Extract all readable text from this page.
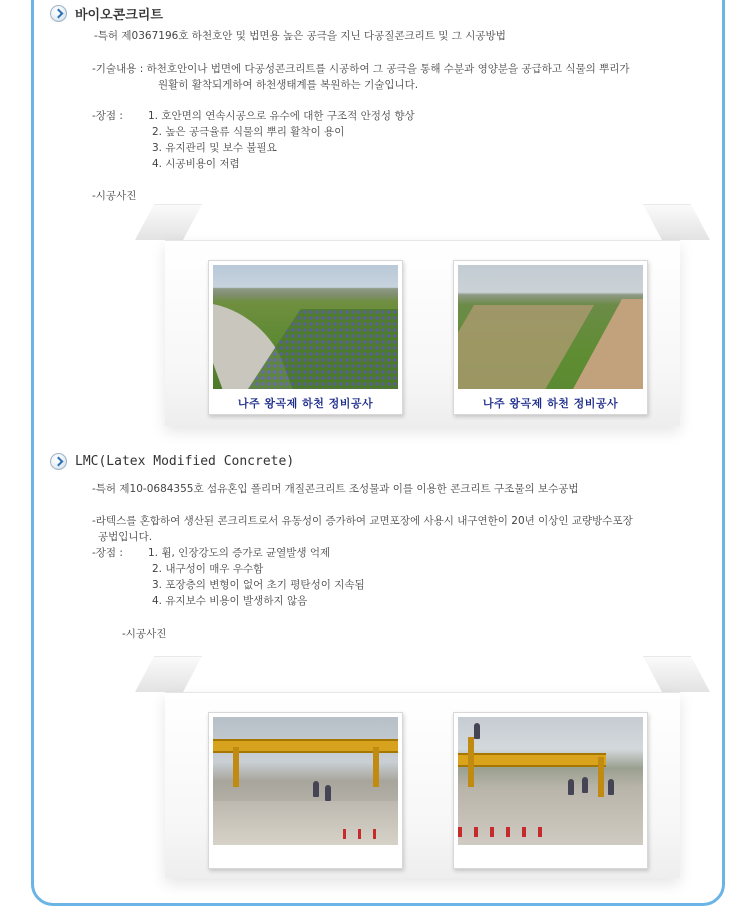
바이오콘크리트
-특허 제0367196호 하천호안 및 법면용 높은 공극을 지닌 다공질콘크리트 및 그 시공방법
-기술내용 : 하천호안이나 법면에 다공성콘크리트를 시공하여 그 공극을 통해 수분과 영양분을 공급하고 식물의 뿌리가
원활히 활착되게하여 하천생태계를 복원하는 기술입니다.
-장점 : 1. 호안면의 연속시공으로 유수에 대한 구조적 안정성 향상
2. 높은 공극율류 식물의 뿌리 활착이 용이
3. 유지관리 및 보수 불필요
4. 시공비용이 저렴
-시공사진
나주 왕곡제 하천 정비공사	나주 왕곡제 하천 정비공사
LMC(Latex Modified Concrete)
-특허 제10-0684355호 섬유혼입 폴리머 개질콘크리트 조성물과 이를 이용한 콘크리트 구조물의 보수공법
-라텍스를 혼합하여 생산된 콘크리트로서 유동성이 증가하여 교면포장에 사용시 내구연한이 20년 이상인 교량방수포장
공법입니다.
-장점 : 1. 휨, 인장강도의 증가로 균열발생 억제
2. 내구성이 매우 우수함
3. 포장층의 변형이 없어 초기 평탄성이 지속됨
4. 유지보수 비용이 발생하지 않음
-시공사진
